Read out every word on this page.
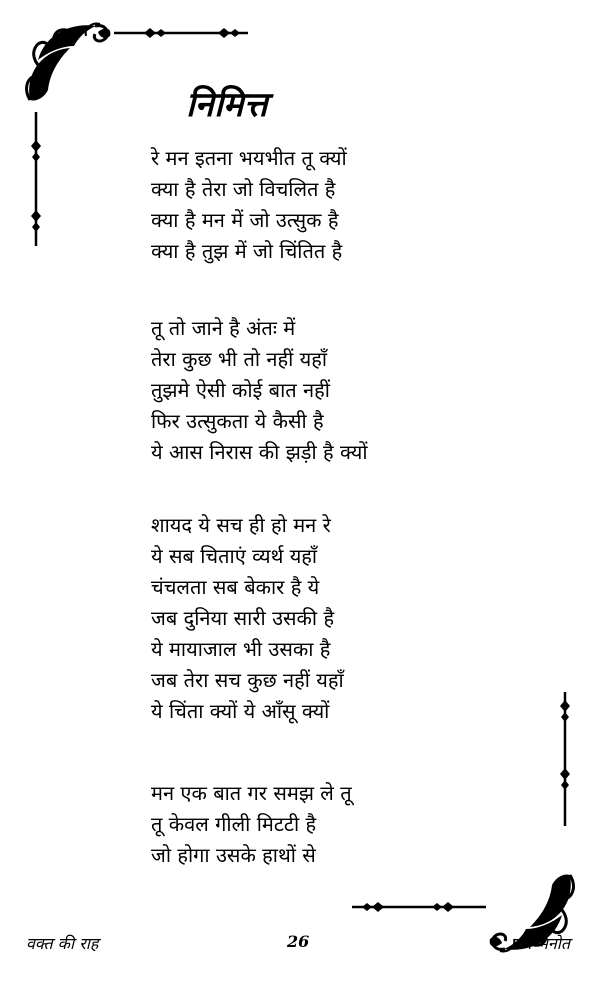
निमित्त
रे मन इतना भयभीत तू क्यों
क्या है तेरा जो विचलित है
क्या है मन में जो उत्सुक है
क्या है तुझ में जो चिंतित है
तू तो जाने है अंतः में
तेरा कुछ भी तो नहीं यहाँ
तुझमे ऐसी कोई बात नहीं
फिर उत्सुकता ये कैसी है
ये आस निरास की झड़ी है क्यों
शायद ये सच ही हो मन रे
ये सब चिताएं व्यर्थ यहाँ
चंचलता सब बेकार है ये
जब दुनिया सारी उसकी है
ये मायाजाल भी उसका है
जब तेरा सच कुछ नहीं यहाँ
ये चिंता क्यों ये आँसू क्यों
मन एक बात गर समझ ले तू
तू केवल गीली मिटटी है
जो होगा उसके हाथों से
वक्त की राह	26	रवि भनोत
